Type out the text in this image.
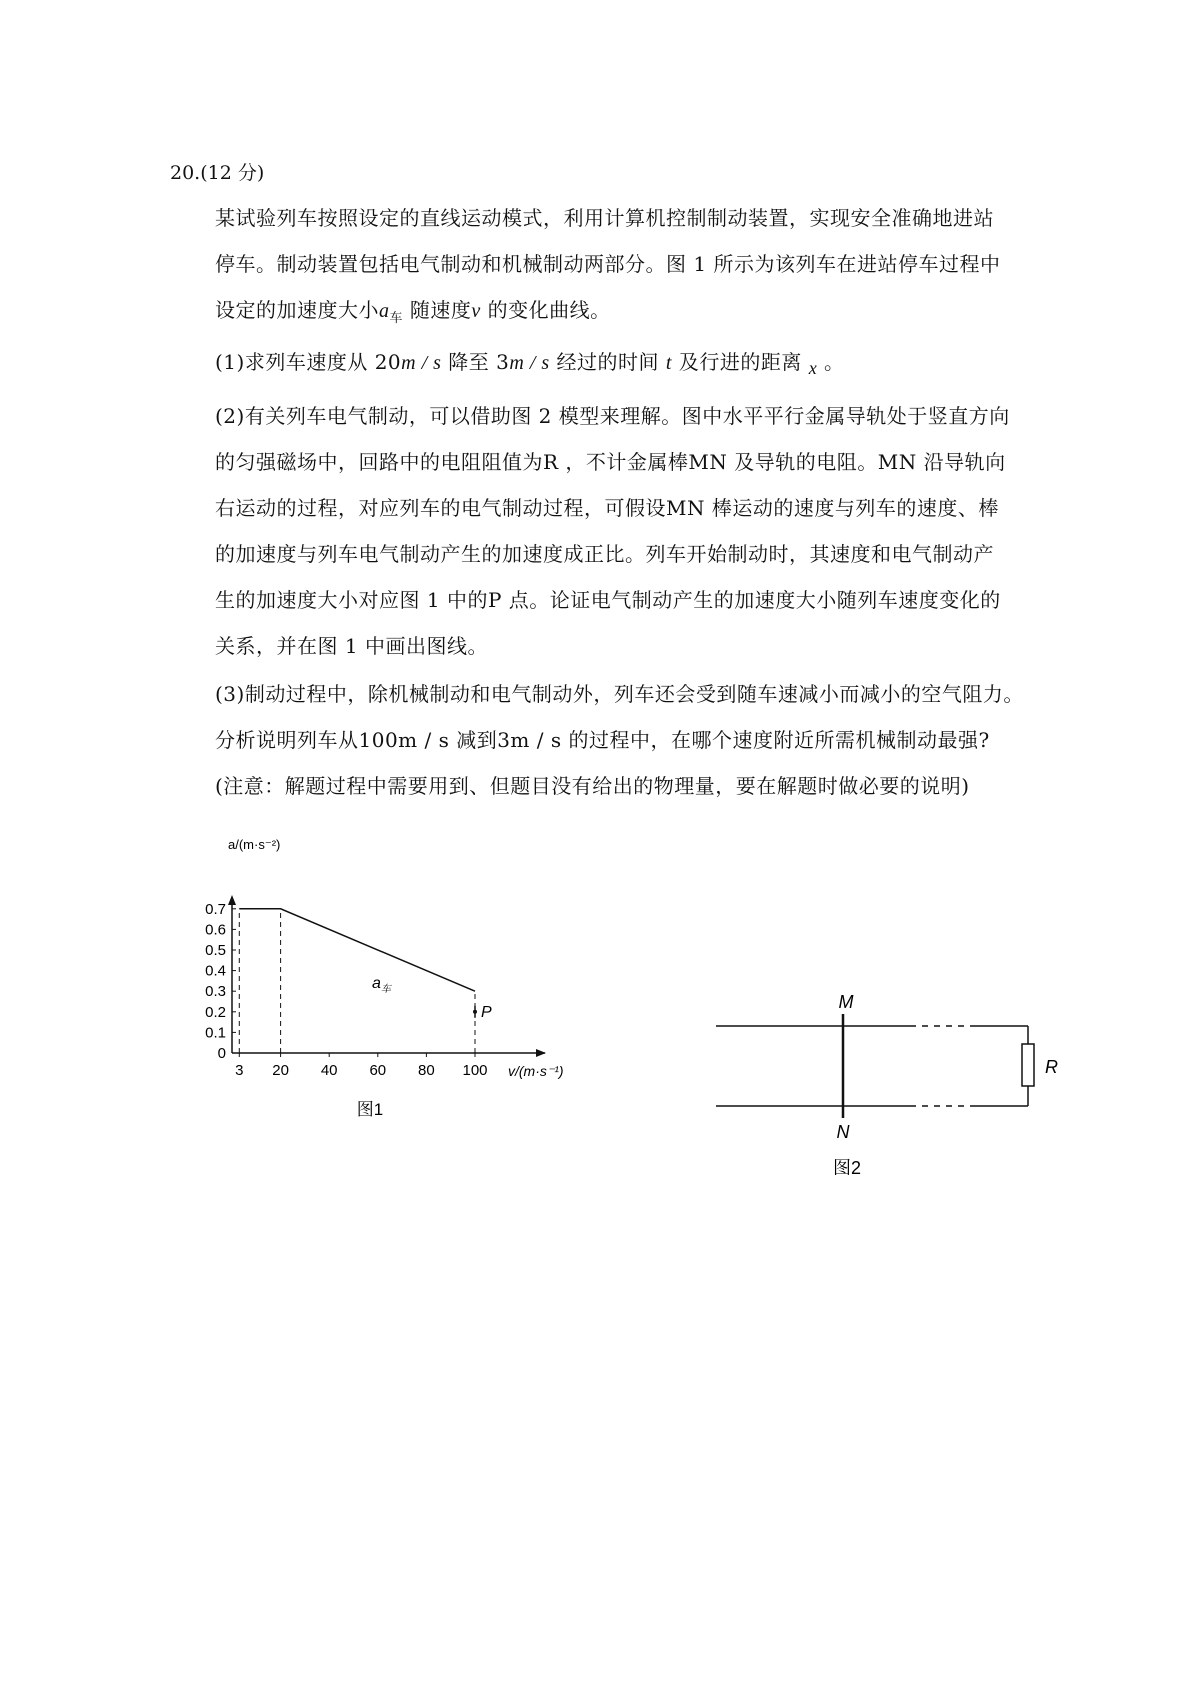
20.(12 分)
某试验列车按照设定的直线运动模式，利用计算机控制制动装置，实现安全准确地进站
停车。制动装置包括电气制动和机械制动两部分。图 1 所示为该列车在进站停车过程中
设定的加速度大小$a_车$ 随速度v 的变化曲线。
(1)求列车速度从 20m / s 降至 3m / s 经过的时间 t 及行进的距离 x 。
(2)有关列车电气制动，可以借助图 2 模型来理解。图中水平平行金属导轨处于竖直方向
的匀强磁场中，回路中的电阻阻值为R ，不计金属棒MN 及导轨的电阻。MN 沿导轨向
右运动的过程，对应列车的电气制动过程，可假设MN 棒运动的速度与列车的速度、棒
的加速度与列车电气制动产生的加速度成正比。列车开始制动时，其速度和电气制动产
生的加速度大小对应图 1 中的P 点。论证电气制动产生的加速度大小随列车速度变化的
关系，并在图 1 中画出图线。
(3)制动过程中，除机械制动和电气制动外，列车还会受到随车速减小而减小的空气阻力。
分析说明列车从100m / s 减到3m / s 的过程中，在哪个速度附近所需机械制动最强?
(注意：解题过程中需要用到、但题目没有给出的物理量，要在解题时做必要的说明)
a/(m·s⁻²)
v/(m·s⁻¹)
0
0.1
0.2
0.3
0.4
0.5
0.6
0.7
3 20 40 60 80 100
P
图1
$a_车$
M
N
R
图2
